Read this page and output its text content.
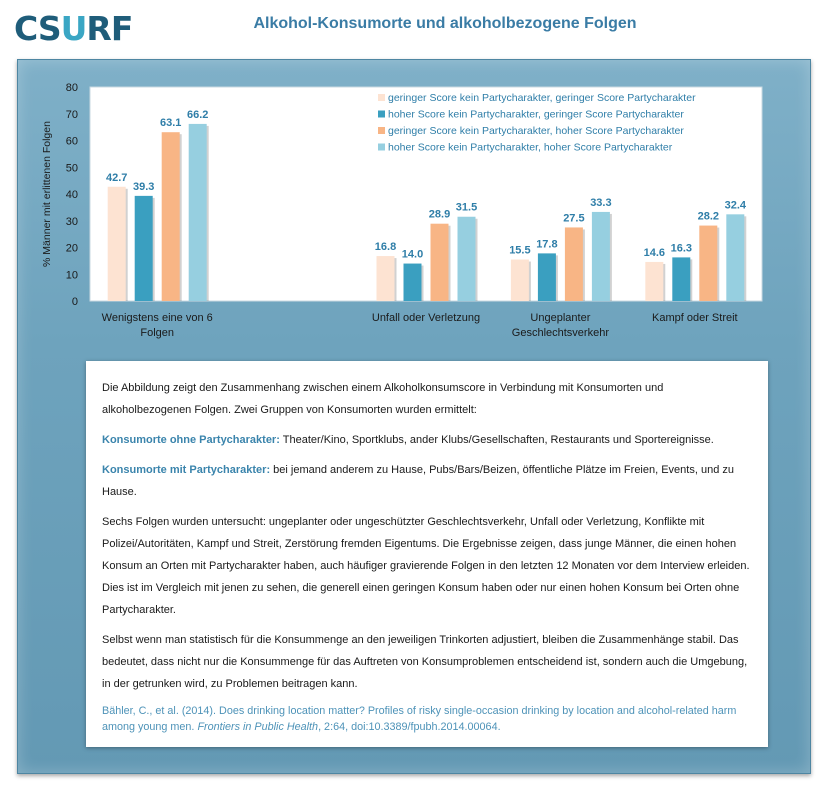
CSURF	Alkohol-Konsumorte und alkoholbezogene Folgen
0
10
20
30
40
50
60
70
80
% Männer mit erlittenen Folgen	42.7
39.3
63.1
66.2
Wenigstens eine von 6
Folgen
16.8
14.0
28.9
31.5
Unfall oder Verletzung
15.5
17.8
27.5
33.3
Ungeplanter
Geschlechtsverkehr
14.6 16.3
28.2
32.4
Kampf oder Streit
geringer Score kein Partycharakter, geringer Score Partycharakter
hoher Score kein Partycharakter, geringer Score Partycharakter
geringer Score kein Partycharakter, hoher Score Partycharakter
hoher Score kein Partycharakter, hoher Score Partycharakter

Die Abbildung zeigt den Zusammenhang zwischen einem Alkoholkonsumscore in Verbindung mit Konsumorten und alkoholbezogenen Folgen. Zwei Gruppen von Konsumorten wurden ermittelt:

Konsumorte ohne Partycharakter: Theater/Kino, Sportklubs, ander Klubs/Gesellschaften, Restaurants und Sportereignisse.

Konsumorte mit Partycharakter: bei jemand anderem zu Hause, Pubs/Bars/Beizen, öffentliche Plätze im Freien, Events, und zu Hause.

Sechs Folgen wurden untersucht: ungeplanter oder ungeschützter Geschlechtsverkehr, Unfall oder Verletzung, Konflikte mit Polizei/Autoritäten, Kampf und Streit, Zerstörung fremden Eigentums. Die Ergebnisse zeigen, dass junge Männer, die einen hohen Konsum an Orten mit Partycharakter haben, auch häufiger gravierende Folgen in den letzten 12 Monaten vor dem Interview erleiden. Dies ist im Vergleich mit jenen zu sehen, die generell einen geringen Konsum haben oder nur einen hohen Konsum bei Orten ohne Partycharakter.

Selbst wenn man statistisch für die Konsummenge an den jeweiligen Trinkorten adjustiert, bleiben die Zusammenhänge stabil. Das bedeutet, dass nicht nur die Konsummenge für das Auftreten von Konsumproblemen entscheidend ist, sondern auch die Umgebung, in der getrunken wird, zu Problemen beitragen kann.

Bähler, C., et al. (2014). Does drinking location matter? Profiles of risky single-occasion drinking by location and alcohol-related harm among young men. Frontiers in Public Health, 2:64, doi:10.3389/fpubh.2014.00064.
